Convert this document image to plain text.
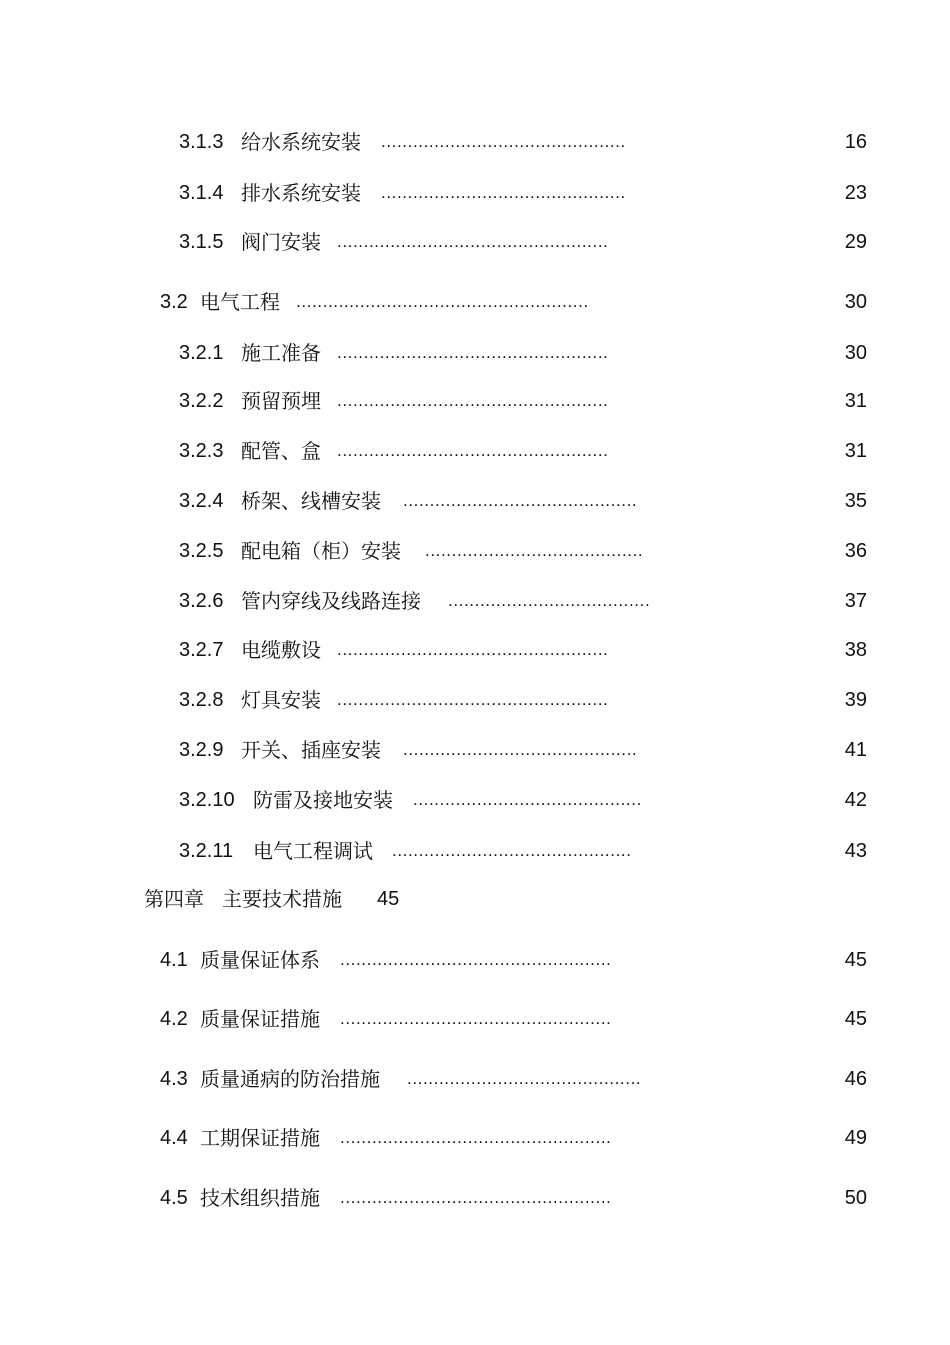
3.1.3 给水系统安装 ..............................................	16
3.1.4 排水系统安装 ..............................................	23
3.1.5 阀门安装 ...................................................	29
3.2 电气工程 .......................................................	30
3.2.1 施工准备 ...................................................	30
3.2.2 预留预埋 ...................................................	31
3.2.3 配管、盒 ...................................................	31
3.2.4 桥架、线槽安装 ............................................	35
3.2.5 配电箱（柜）安装 .........................................	36
3.2.6 管内穿线及线路连接 ......................................	37
3.2.7 电缆敷设 ...................................................	38
3.2.8 灯具安装 ...................................................	39
3.2.9 开关、插座安装 ............................................	41
3.2.10 防雷及接地安装 ...........................................	42
3.2.11 电气工程调试 .............................................	43
第四章 主要技术措施 45
4.1 质量保证体系 ...................................................	45
4.2 质量保证措施 ...................................................	45
4.3 质量通病的防治措施 ............................................	46
4.4 工期保证措施 ...................................................	49
4.5 技术组织措施 ...................................................	50
